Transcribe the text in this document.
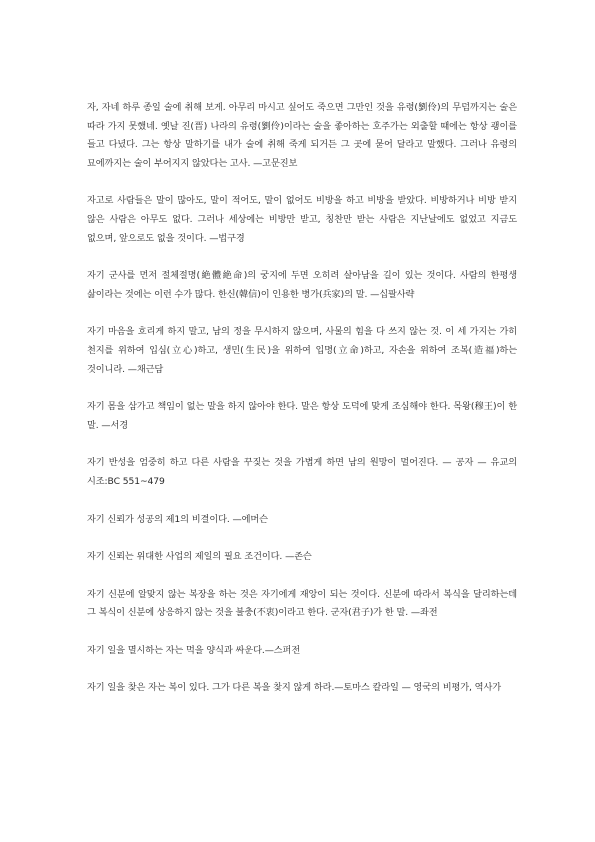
자, 자네 하루 종일 술에 취해 보게. 아무리 마시고 싶어도 죽으면 그만인 것을 유령(劉伶)의 무덤까지는 술은 따라 가지 못했네. 옛날 진(晋) 나라의 유령(劉伶)이라는 술을 좋아하는 호주가는 외출할 때에는 항상 괭이를 들고 다녔다. 그는 항상 말하기를 내가 술에 취해 죽게 되거든 그 곳에 묻어 달라고 말했다. 그러나 유령의 묘에까지는 술이 부어지지 않았다는 고사. —고문진보

자고로 사람들은 말이 많아도, 말이 적어도, 말이 없어도 비방을 하고 비방을 받았다. 비방하거나 비방 받지 않은 사람은 아무도 없다. 그러나 세상에는 비방만 받고, 칭찬만 받는 사람은 지난날에도 없었고 지금도 없으며, 앞으로도 없을 것이다. —법구경

자기 군사를 먼저 절체절명(絶體絶命)의 궁지에 두면 오히려 살아남을 길이 있는 것이다. 사람의 한평생 삶이라는 것에는 이런 수가 많다. 한신(韓信)이 인용한 병가(兵家)의 말. —십팔사략

자기 마음을 흐리게 하지 말고, 남의 정을 무시하지 않으며, 사물의 힘을 다 쓰지 않는 것. 이 세 가지는 가히 천지를 위하여 입심(立心)하고, 생민(生民)을 위하여 입명(立命)하고, 자손을 위하여 조복(造福)하는 것이니라. —채근담

자기 몸을 삼가고 책임이 없는 말을 하지 않아야 한다. 말은 항상 도덕에 맞게 조심해야 한다. 목왕(穆王)이 한 말. —서경

자기 반성을 엄중히 하고 다른 사람을 꾸짖는 것을 가볍게 하면 남의 원망이 멀어진다. — 공자 — 유교의 시조:BC 551~479

자기 신뢰가 성공의 제1의 비결이다. —에머슨

자기 신뢰는 위대한 사업의 제일의 필요 조건이다. —존슨

자기 신분에 알맞지 않는 복장을 하는 것은 자기에게 재앙이 되는 것이다. 신분에 따라서 복식을 달리하는데 그 복식이 신분에 상응하지 않는 것을 불충(不衷)이라고 한다. 군자(君子)가 한 말. —좌전

자기 일을 멸시하는 자는 먹을 양식과 싸운다.—스퍼전

자기 일을 찾은 자는 복이 있다. 그가 다른 복을 찾지 않게 하라.—토마스 칼라일 — 영국의 비평가, 역사가
